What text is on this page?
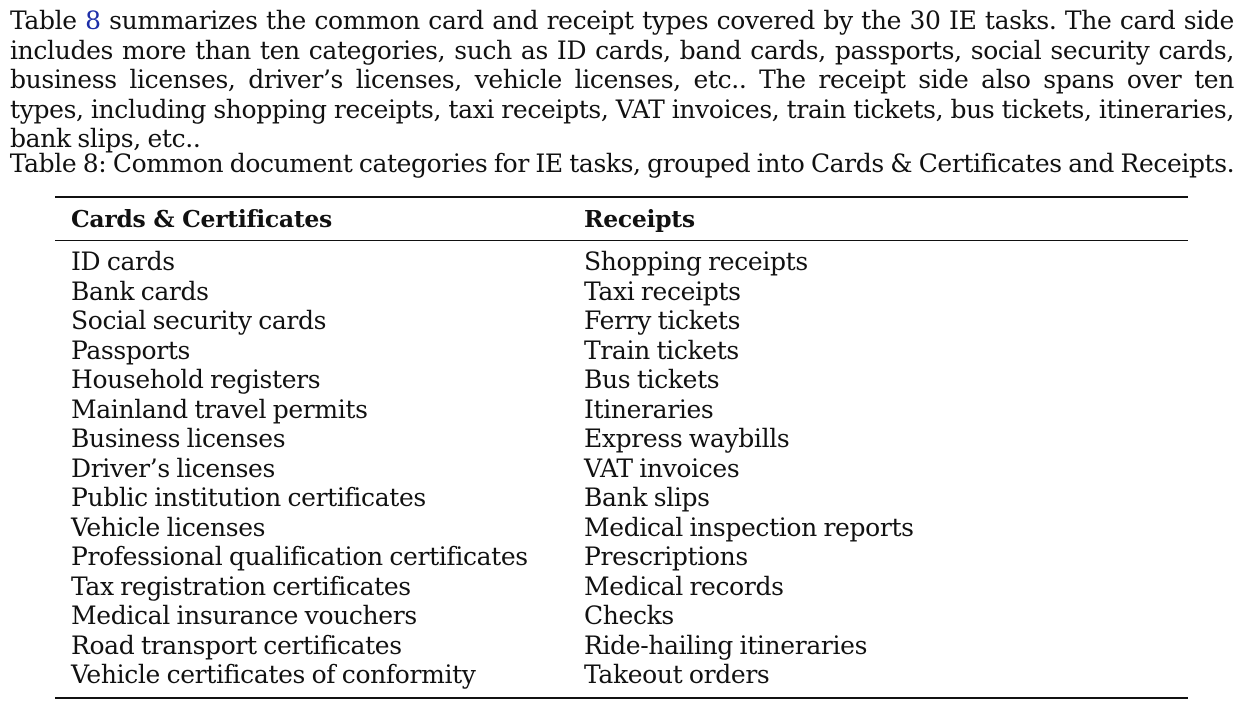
Table 8 summarizes the common card and receipt types covered by the 30 IE tasks. The card side includes more than ten categories, such as ID cards, band cards, passports, social security cards, business licenses, driver’s licenses, vehicle licenses, etc.. The receipt side also spans over ten types, including shopping receipts, taxi receipts, VAT invoices, train tickets, bus tickets, itineraries, bank slips, etc..
Table 8: Common document categories for IE tasks, grouped into Cards & Certificates and Receipts.
Cards & Certificates	Receipts
ID cards	Shopping receipts
Bank cards	Taxi receipts
Social security cards	Ferry tickets
Passports	Train tickets
Household registers	Bus tickets
Mainland travel permits	Itineraries
Business licenses	Express waybills
Driver’s licenses	VAT invoices
Public institution certificates	Bank slips
Vehicle licenses	Medical inspection reports
Professional qualification certificates	Prescriptions
Tax registration certificates	Medical records
Medical insurance vouchers	Checks
Road transport certificates	Ride-hailing itineraries
Vehicle certificates of conformity	Takeout orders
